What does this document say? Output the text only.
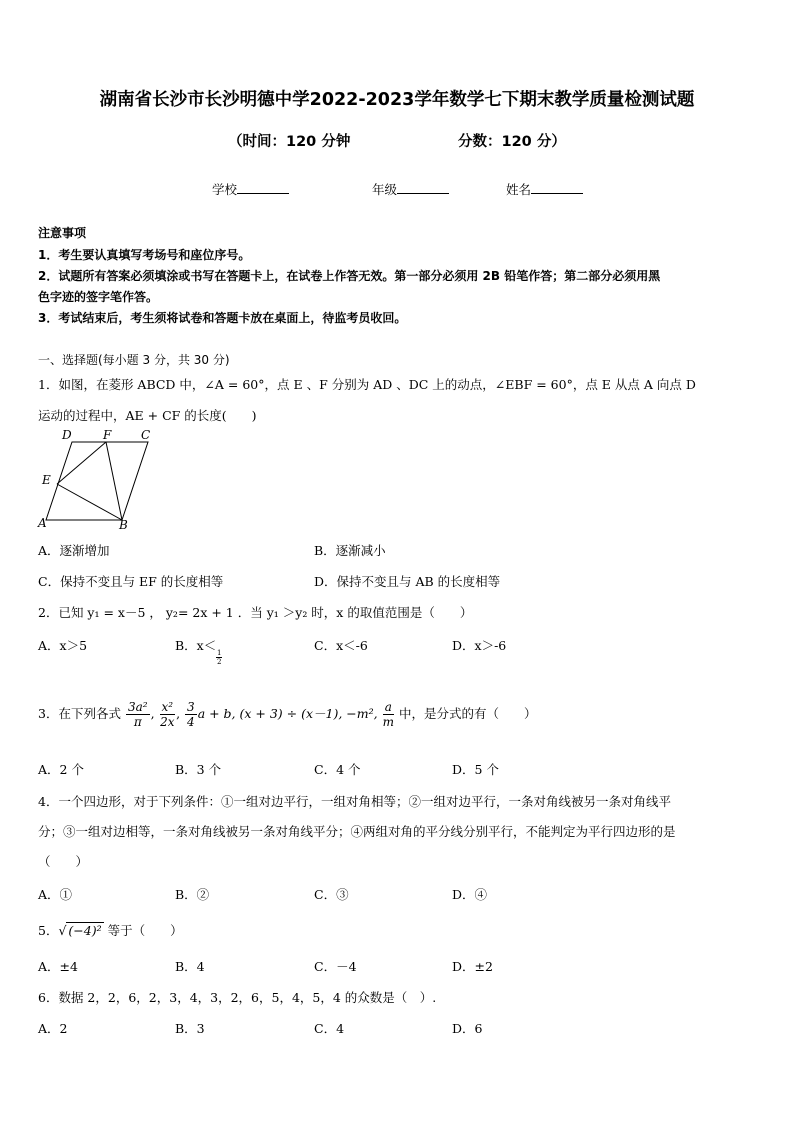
湖南省长沙市长沙明德中学2022-2023学年数学七下期末教学质量检测试题
（时间：120 分钟	分数：120 分）
学校	年级	姓名
注意事项
1．考生要认真填写考场号和座位序号。
2．试题所有答案必须填涂或书写在答题卡上，在试卷上作答无效。第一部分必须用 2B 铅笔作答；第二部分必须用黑
色字迹的签字笔作答。
3．考试结束后，考生须将试卷和答题卡放在桌面上，待监考员收回。
一、选择题(每小题 3 分，共 30 分)
1．如图，在菱形 ABCD 中，∠A = 60°，点 E 、F 分别为 AD 、DC 上的动点，∠EBF = 60°，点 E 从点 A 向点 D
运动的过程中，AE + CF 的长度(　　)
D	F C
E
A	B
A．逐渐增加	B．逐渐减小
C．保持不变且与 EF 的长度相等	D．保持不变且与 AB 的长度相等
2．已知 y₁ = x－5 ， y₂= 2x + 1 ．当 y₁ ＞y₂ 时，x 的取值范围是（　　）
A．x＞5	B．x＜
$\frac{1}{2}$
C．x＜-6	D．x＞-6
3．在下列各式 $\frac{\text{3a²}}{\pi}$ , $\frac{\text{x²}}{2x}$ , $\frac{3}{4}$ a + b, (x + 3) ÷ (x－1), −m², $\frac{a}{m}$ 中，是分式的有（　　）
A．2 个	B．3 个	C．4 个	D．5 个
4．一个四边形，对于下列条件：①一组对边平行，一组对角相等；②一组对边平行，一条对角线被另一条对角线平
分；③一组对边相等，一条对角线被另一条对角线平分；④两组对角的平分线分别平行，不能判定为平行四边形的是
（　　）
A．①	B．②	C．③	D．④
5．√ (−4)² 等于（　　）
A．±4	B．4	C．－4	D．±2
6．数据 2，2，6，2，3，4，3，2，6，5，4，5，4 的众数是（　）.
A．2	B．3	C．4	D．6
